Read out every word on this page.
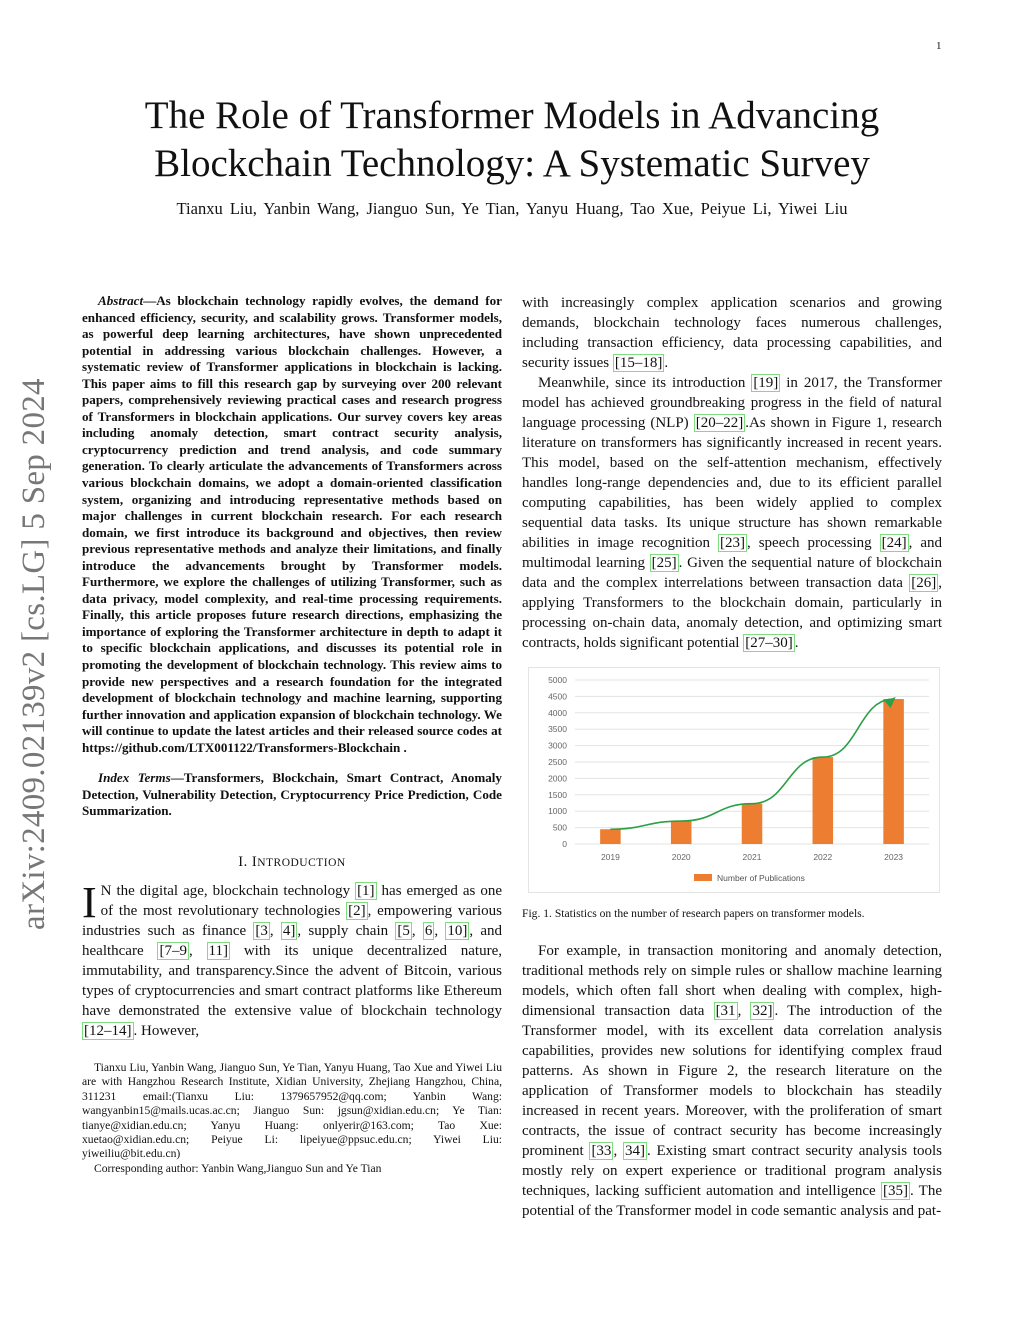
1
arXiv:2409.02139v2 [cs.LG] 5 Sep 2024
The Role of Transformer Models in Advancing
Blockchain Technology: A Systematic Survey
Tianxu Liu, Yanbin Wang, Jianguo Sun, Ye Tian, Yanyu Huang, Tao Xue, Peiyue Li, Yiwei Liu

Abstract—As blockchain technology rapidly evolves, the demand for enhanced efficiency, security, and scalability grows. Transformer models, as powerful deep learning architectures, have shown unprecedented potential in addressing various blockchain challenges. However, a systematic review of Transformer applications in blockchain is lacking. This paper aims to fill this research gap by surveying over 200 relevant papers, comprehensively reviewing practical cases and research progress of Transformers in blockchain applications. Our survey covers key areas including anomaly detection, smart contract security analysis, cryptocurrency prediction and trend analysis, and code summary generation. To clearly articulate the advancements of Transformers across various blockchain domains, we adopt a domain-oriented classification system, organizing and introducing representative methods based on major challenges in current blockchain research. For each research domain, we first introduce its background and objectives, then review previous representative methods and analyze their limitations, and finally introduce the advancements brought by Transformer models. Furthermore, we explore the challenges of utilizing Transformer, such as data privacy, model complexity, and real-time processing requirements. Finally, this article proposes future research directions, emphasizing the importance of exploring the Transformer architecture in depth to adapt it to specific blockchain applications, and discusses its potential role in promoting the development of blockchain technology. This review aims to provide new perspectives and a research foundation for the integrated development of blockchain technology and machine learning, supporting further innovation and application expansion of blockchain technology. We will continue to update the latest articles and their released source codes at https://github.com/LTX001122/Transformers-Blockchain .

Index Terms—Transformers, Blockchain, Smart Contract, Anomaly Detection, Vulnerability Detection, Cryptocurrency Price Prediction, Code Summarization.

I. INTRODUCTION

I N the digital age, blockchain technology [1] has emerged as one of the most revolutionary technologies [2] , empowering various industries such as finance [3 , 4] , supply chain [5 , 6 , 10] , and healthcare [7–9 , 11] with its unique decentralized nature, immutability, and transparency.Since the advent of Bitcoin, various types of cryptocurrencies and smart contract platforms like Ethereum have demonstrated the extensive value of blockchain technology [12–14] . However,

Tianxu Liu, Yanbin Wang, Jianguo Sun, Ye Tian, Yanyu Huang, Tao Xue and Yiwei Liu are with Hangzhou Research Institute, Xidian University, Zhejiang Hangzhou, China, 311231 email:(Tianxu Liu: 1379657952@qq.com; Yanbin Wang: wangyanbin15@mails.ucas.ac.cn; Jianguo Sun: jgsun@xidian.edu.cn; Ye Tian: tianye@xidian.edu.cn; Yanyu Huang: onlyerir@163.com; Tao Xue: xuetao@xidian.edu.cn; Peiyue Li: lipeiyue@ppsuc.edu.cn; Yiwei Liu: yiweiliu@bit.edu.cn)
Corresponding author: Yanbin Wang,Jianguo Sun and Ye Tian

with increasingly complex application scenarios and growing demands, blockchain technology faces numerous challenges, including transaction efficiency, data processing capabilities, and security issues [15–18] .

Meanwhile, since its introduction [19] in 2017, the Transformer model has achieved groundbreaking progress in the field of natural language processing (NLP) [20–22] .As shown in Figure 1, research literature on transformers has significantly increased in recent years. This model, based on the self-attention mechanism, effectively handles long-range dependencies and, due to its efficient parallel computing capabilities, has been widely applied to complex sequential data tasks. Its unique structure has shown remarkable abilities in image recognition [23] , speech processing [24] , and multimodal learning [25] . Given the sequential nature of blockchain data and the complex interrelations between transaction data [26] , applying Transformers to the blockchain domain, particularly in processing on-chain data, anomaly detection, and optimizing smart contracts, holds significant potential [27–30] .

0
500
1000
1500
2000
2500
3000
3500
4000
4500
5000
2019	2020	2021	2022	2023
Number of Publications
Fig. 1. Statistics on the number of research papers on transformer models.

For example, in transaction monitoring and anomaly detection, traditional methods rely on simple rules or shallow machine learning models, which often fall short when dealing with complex, high-dimensional transaction data [31 , 32] . The introduction of the Transformer model, with its excellent data correlation analysis capabilities, provides new solutions for identifying complex fraud patterns. As shown in Figure 2, the research literature on the application of Transformer models to blockchain has steadily increased in recent years. Moreover, with the proliferation of smart contracts, the issue of contract security has become increasingly prominent [33 , 34] . Existing smart contract security analysis tools mostly rely on expert experience or traditional program analysis techniques, lacking sufficient automation and intelligence [35] . The potential of the Transformer model in code semantic analysis and pat-
